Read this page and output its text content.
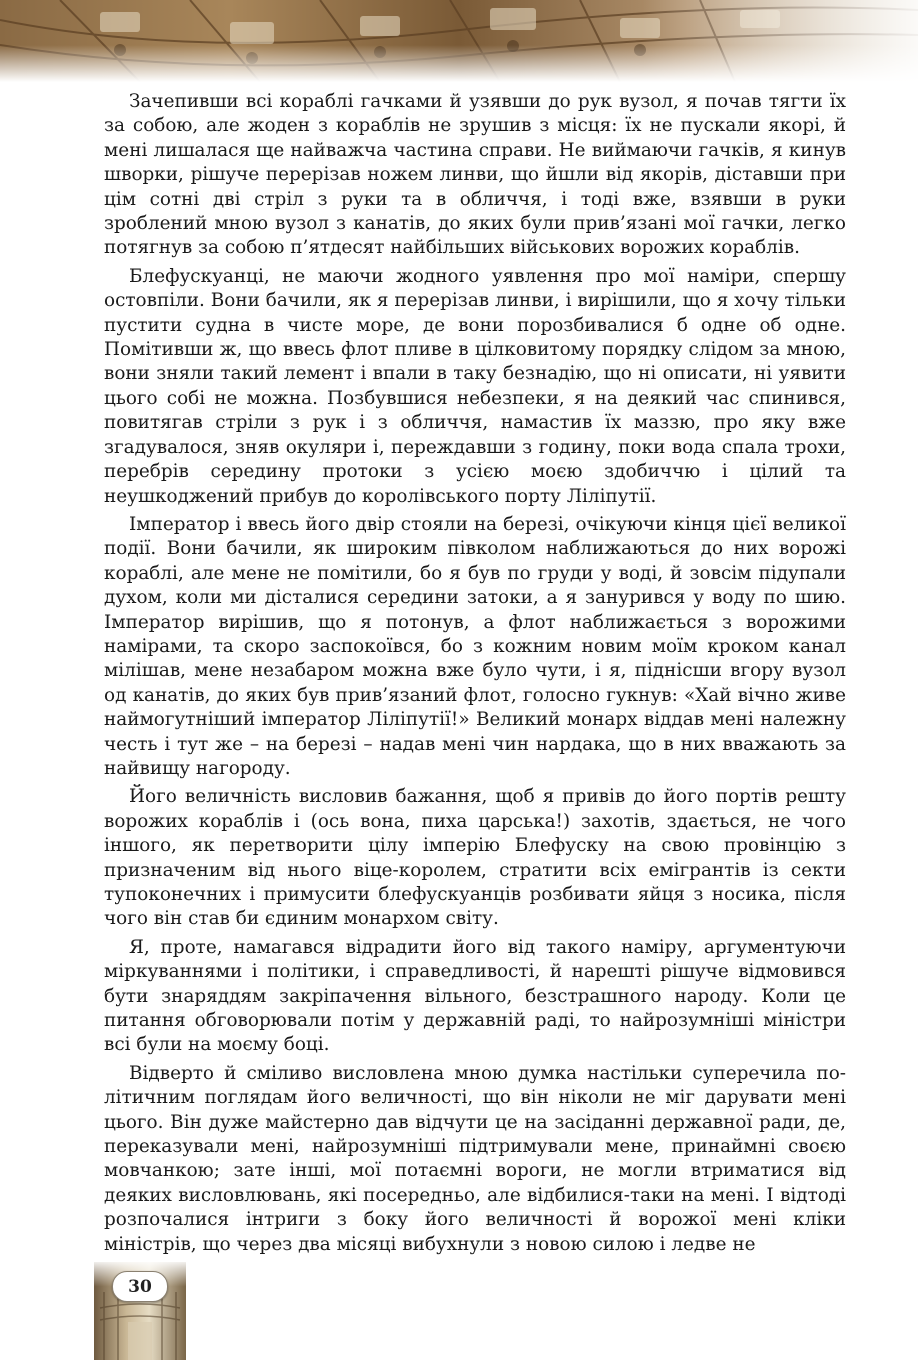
Зачепивши всі кораблі гачками й узявши до рук вузол, я почав тягти їх за собою, але жоден з кораблів не зрушив з місця: їх не пускали якорі, й мені лишалася ще найважча частина справи. Не виймаючи гачків, я кинув шворки, рішуче перерізав ножем линви, що йшли від якорів, діставши при цім сотні дві стріл з руки та в обличчя, і тоді вже, взявши в руки зроблений мною вузол з канатів, до яких були прив’язані мої гачки, легко потягнув за собою п’ятдесят найбільших військових ворожих кораблів.

Блефускуанці, не маючи жодного уявлення про мої наміри, спершу остовпіли. Вони бачили, як я перерізав линви, і вирішили, що я хочу тільки пустити судна в чисте море, де вони порозбивалися б одне об одне. Помітивши ж, що ввесь флот пливе в цілковитому порядку слідом за мною, вони зняли такий лемент і впали в таку безнадію, що ні описати, ні уявити цього собі не можна. Позбувшися небезпеки, я на деякий час спинився, повитягав стріли з рук і з обличчя, намастив їх маззю, про яку вже згадувалося, зняв окуляри і, переждавши з годину, поки вода спала трохи, перебрів середину протоки з усією моєю здобиччю і цілий та неушкоджений прибув до королівського порту Ліліпутії.

Імператор і ввесь його двір стояли на березі, очікуючи кінця цієї великої події. Вони бачили, як широким півколом наближаються до них ворожі кораблі, але мене не помітили, бо я був по груди у воді, й зовсім підупали духом, коли ми дісталися середини затоки, а я занурився у воду по шию. Імператор вирішив, що я потонув, а флот наближається з ворожими намірами, та скоро заспокоївся, бо з кожним новим моїм кроком канал мілішав, мене незабаром можна вже було чути, і я, піднісши вгору вузол од канатів, до яких був прив’язаний флот, голосно гукнув: «Хай вічно живе наймогутніший імператор Ліліпутії!» Великий монарх віддав мені належну честь і тут же – на березі – надав мені чин нардака, що в них вважають за найвищу нагороду.

Його величність висловив бажання, щоб я привів до його портів решту ворожих кораблів і (ось вона, пиха царська!) захотів, здається, не чого іншого, як перетворити цілу імперію Блефуску на свою провінцію з призначеним від нього віце-королем, стратити всіх емігрантів із секти тупоконечних і примусити блефускуанців розбивати яйця з носика, після чого він став би єдиним монархом світу.

Я, проте, намагався відрадити його від такого наміру, аргументуючи міркуваннями і політики, і справедливості, й нарешті рішуче відмовився бути знаряддям закріпачення вільного, безстрашного народу. Коли це питання обговорювали потім у державній раді, то найрозумніші міністри всі були на моєму боці.

Відверто й сміливо висловлена мною думка настільки суперечила політичним поглядам його величності, що він ніколи не міг дарувати мені цього. Він дуже майстерно дав відчути це на засіданні державної ради, де, переказували мені, найрозумніші підтримували мене, принаймні своєю мовчанкою; зате інші, мої потаємні вороги, не могли втриматися від деяких висловлювань, які посередньо, але відбилися-таки на мені. І відтоді розпочалися інтриги з боку його величності й ворожої мені кліки міністрів, що через два місяці вибухнули з новою силою і ледве не

30
